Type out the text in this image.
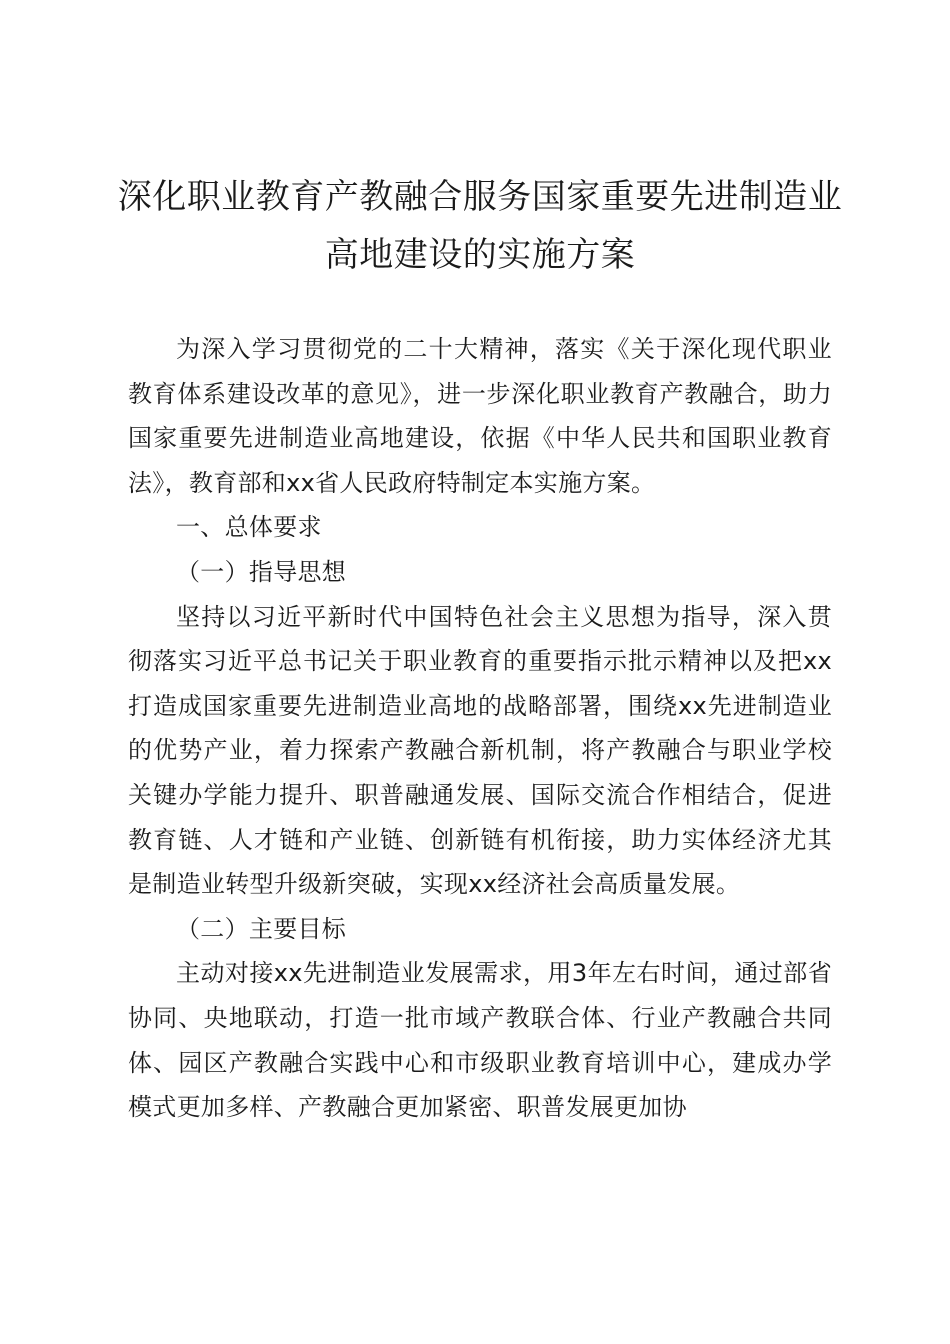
深化职业教育产教融合服务国家重要先进制造业高地建设的实施方案

为深入学习贯彻党的二十大精神，落实《关于深化现代职业教育体系建设改革的意见》，进一步深化职业教育产教融合，助力国家重要先进制造业高地建设，依据《中华人民共和国职业教育法》，教育部和xx省人民政府特制定本实施方案。

一、总体要求

（一）指导思想

坚持以习近平新时代中国特色社会主义思想为指导，深入贯彻落实习近平总书记关于职业教育的重要指示批示精神以及把xx打造成国家重要先进制造业高地的战略部署，围绕xx先进制造业的优势产业，着力探索产教融合新机制，将产教融合与职业学校关键办学能力提升、职普融通发展、国际交流合作相结合，促进教育链、人才链和产业链、创新链有机衔接，助力实体经济尤其是制造业转型升级新突破，实现xx经济社会高质量发展。

（二）主要目标

主动对接xx先进制造业发展需求，用3年左右时间，通过部省协同、央地联动，打造一批市域产教联合体、行业产教融合共同体、园区产教融合实践中心和市级职业教育培训中心，建成办学模式更加多样、产教融合更加紧密、职普发展更加协
